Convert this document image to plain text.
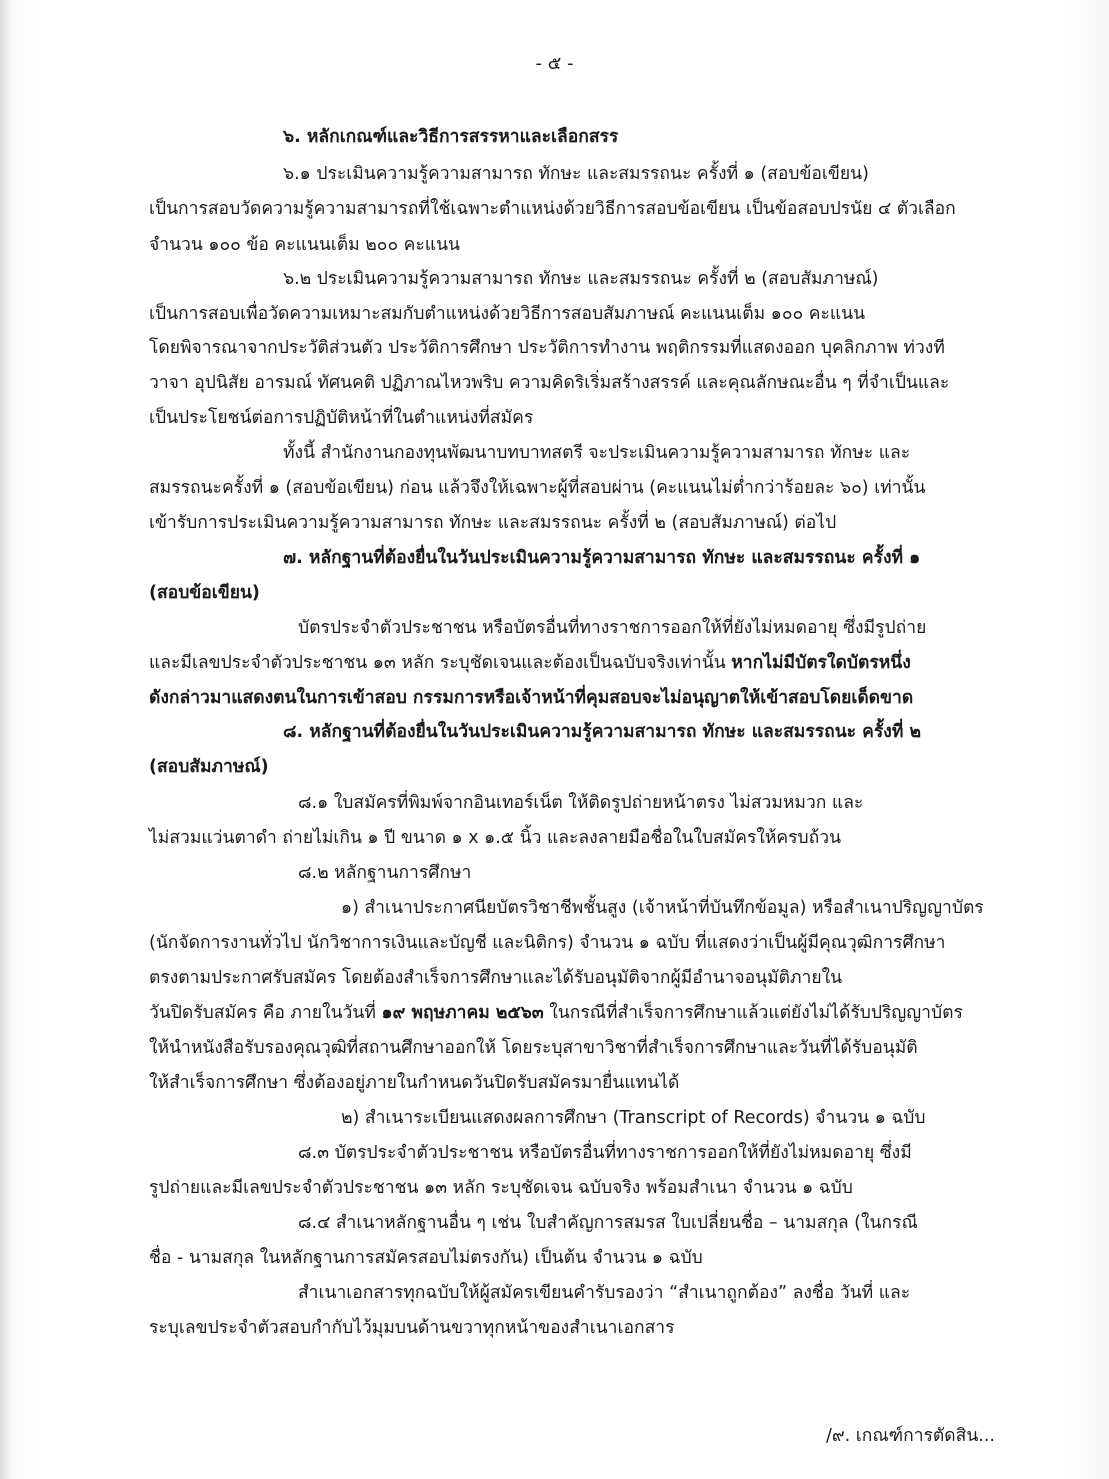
- ๕ -

๖. หลักเกณฑ์และวิธีการสรรหาและเลือกสรร

๖.๑ ประเมินความรู้ความสามารถ ทักษะ และสมรรถนะ ครั้งที่ ๑ (สอบข้อเขียน)

เป็นการสอบวัดความรู้ความสามารถที่ใช้เฉพาะตำแหน่งด้วยวิธีการสอบข้อเขียน เป็นข้อสอบปรนัย ๔ ตัวเลือก

จำนวน ๑๐๐ ข้อ คะแนนเต็ม ๒๐๐ คะแนน

๖.๒ ประเมินความรู้ความสามารถ ทักษะ และสมรรถนะ ครั้งที่ ๒ (สอบสัมภาษณ์)

เป็นการสอบเพื่อวัดความเหมาะสมกับตำแหน่งด้วยวิธีการสอบสัมภาษณ์ คะแนนเต็ม ๑๐๐ คะแนน

โดยพิจารณาจากประวัติส่วนตัว ประวัติการศึกษา ประวัติการทำงาน พฤติกรรมที่แสดงออก บุคลิกภาพ ท่วงที

วาจา อุปนิสัย อารมณ์ ทัศนคติ ปฏิภาณไหวพริบ ความคิดริเริ่มสร้างสรรค์ และคุณลักษณะอื่น ๆ ที่จำเป็นและ

เป็นประโยชน์ต่อการปฏิบัติหน้าที่ในตำแหน่งที่สมัคร

ทั้งนี้ สำนักงานกองทุนพัฒนาบทบาทสตรี จะประเมินความรู้ความสามารถ ทักษะ และ

สมรรถนะครั้งที่ ๑ (สอบข้อเขียน) ก่อน แล้วจึงให้เฉพาะผู้ที่สอบผ่าน (คะแนนไม่ต่ำกว่าร้อยละ ๖๐) เท่านั้น

เข้ารับการประเมินความรู้ความสามารถ ทักษะ และสมรรถนะ ครั้งที่ ๒ (สอบสัมภาษณ์) ต่อไป

๗. หลักฐานที่ต้องยื่นในวันประเมินความรู้ความสามารถ ทักษะ และสมรรถนะ ครั้งที่ ๑

(สอบข้อเขียน)

บัตรประจำตัวประชาชน หรือบัตรอื่นที่ทางราชการออกให้ที่ยังไม่หมดอายุ ซึ่งมีรูปถ่าย

และมีเลขประจำตัวประชาชน ๑๓ หลัก ระบุชัดเจนและต้องเป็นฉบับจริงเท่านั้น หากไม่มีบัตรใดบัตรหนึ่ง

ดังกล่าวมาแสดงตนในการเข้าสอบ กรรมการหรือเจ้าหน้าที่คุมสอบจะไม่อนุญาตให้เข้าสอบโดยเด็ดขาด

๘. หลักฐานที่ต้องยื่นในวันประเมินความรู้ความสามารถ ทักษะ และสมรรถนะ ครั้งที่ ๒

(สอบสัมภาษณ์)

๘.๑ ใบสมัครที่พิมพ์จากอินเทอร์เน็ต ให้ติดรูปถ่ายหน้าตรง ไม่สวมหมวก และ

ไม่สวมแว่นตาดำ ถ่ายไม่เกิน ๑ ปี ขนาด ๑ x ๑.๕ นิ้ว และลงลายมือชื่อในใบสมัครให้ครบถ้วน

๘.๒ หลักฐานการศึกษา

๑) สำเนาประกาศนียบัตรวิชาชีพชั้นสูง (เจ้าหน้าที่บันทึกข้อมูล) หรือสำเนาปริญญาบัตร

(นักจัดการงานทั่วไป นักวิชาการเงินและบัญชี และนิติกร) จำนวน ๑ ฉบับ ที่แสดงว่าเป็นผู้มีคุณวุฒิการศึกษา

ตรงตามประกาศรับสมัคร โดยต้องสำเร็จการศึกษาและได้รับอนุมัติจากผู้มีอำนาจอนุมัติภายใน

วันปิดรับสมัคร คือ ภายในวันที่ ๑๙ พฤษภาคม ๒๕๖๓ ในกรณีที่สำเร็จการศึกษาแล้วแต่ยังไม่ได้รับปริญญาบัตร

ให้นำหนังสือรับรองคุณวุฒิที่สถานศึกษาออกให้ โดยระบุสาขาวิชาที่สำเร็จการศึกษาและวันที่ได้รับอนุมัติ

ให้สำเร็จการศึกษา ซึ่งต้องอยู่ภายในกำหนดวันปิดรับสมัครมายื่นแทนได้

๒) สำเนาระเบียนแสดงผลการศึกษา (Transcript of Records) จำนวน ๑ ฉบับ

๘.๓ บัตรประจำตัวประชาชน หรือบัตรอื่นที่ทางราชการออกให้ที่ยังไม่หมดอายุ ซึ่งมี

รูปถ่ายและมีเลขประจำตัวประชาชน ๑๓ หลัก ระบุชัดเจน ฉบับจริง พร้อมสำเนา จำนวน ๑ ฉบับ

๘.๔ สำเนาหลักฐานอื่น ๆ เช่น ใบสำคัญการสมรส ใบเปลี่ยนชื่อ – นามสกุล (ในกรณี

ชื่อ - นามสกุล ในหลักฐานการสมัครสอบไม่ตรงกัน) เป็นต้น จำนวน ๑ ฉบับ

สำเนาเอกสารทุกฉบับให้ผู้สมัครเขียนคำรับรองว่า “สำเนาถูกต้อง” ลงชื่อ วันที่ และ

ระบุเลขประจำตัวสอบกำกับไว้มุมบนด้านขวาทุกหน้าของสำเนาเอกสาร

/๙. เกณฑ์การตัดสิน...
